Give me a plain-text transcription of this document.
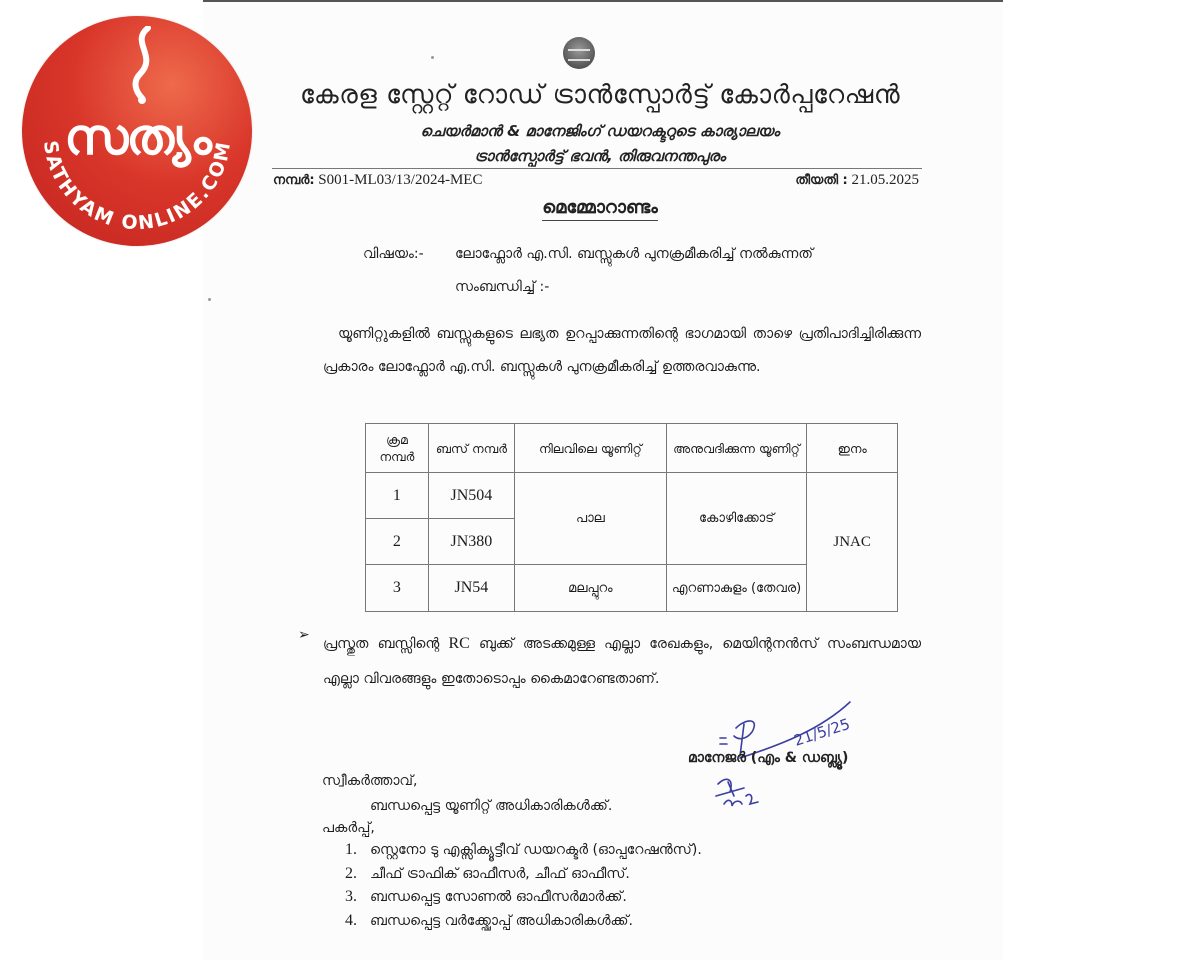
സത്യം
SATHYAM ONLINE.COM
കേരള സ്റ്റേറ്റ് റോഡ് ട്രാൻസ്പോർട്ട് കോർപ്പറേഷൻ
ചെയർമാൻ & മാനേജിംഗ് ഡയറക്ടറുടെ കാര്യാലയം
ട്രാൻസ്പോർട്ട് ഭവൻ, തിരുവനന്തപുരം
നമ്പർ: S001-ML03/13/2024-MEC	തീയതി : 21.05.2025
മെമ്മോറാണ്ടം
വിഷയം:- ലോഫ്ലോർ എ.സി. ബസ്സുകൾ പുനക്രമീകരിച്ച് നൽകുന്നത്
സംബന്ധിച്ച് :-
യൂണിറ്റുകളിൽ ബസ്സുകളുടെ ലഭ്യത ഉറപ്പാക്കുന്നതിന്റെ ഭാഗമായി താഴെ പ്രതിപാദിച്ചിരിക്കുന്ന പ്രകാരം ലോഫ്ലോർ എ.സി. ബസ്സുകൾ പുനക്രമീകരിച്ച് ഉത്തരവാകുന്നു.
ക്രമ നമ്പർ	ബസ് നമ്പർ	നിലവിലെ യൂണിറ്റ്	അനുവദിക്കുന്ന യൂണിറ്റ്	ഇനം
1	JN504	പാല	കോഴിക്കോട്	JNAC
2	JN380			
3	JN54	മലപ്പുറം	എറണാകുളം (തേവര)	
➢
പ്രസ്തുത ബസ്സിന്റെ RC ബുക്ക് അടക്കമുള്ള എല്ലാ രേഖകളും, മെയിന്റനൻസ് സംബന്ധമായ എല്ലാ വിവരങ്ങളും ഇതോടൊപ്പം കൈമാറേണ്ടതാണ്.
21/5/25
മാനേജർ (എം & ഡബ്ല്യൂ)
സ്വീകർത്താവ്,
ബന്ധപ്പെട്ട യൂണിറ്റ് അധികാരികൾക്ക്.
പകർപ്പ്,
1. സ്റ്റെനോ ടു എക്സിക്യൂട്ടീവ് ഡയറക്ടർ (ഓപ്പറേഷൻസ്).
2. ചീഫ് ട്രാഫിക് ഓഫീസർ, ചീഫ് ഓഫീസ്.
3. ബന്ധപ്പെട്ട സോണൽ ഓഫീസർമാർക്ക്.
4. ബന്ധപ്പെട്ട വർക്ക്ഷോപ്പ് അധികാരികൾക്ക്.
